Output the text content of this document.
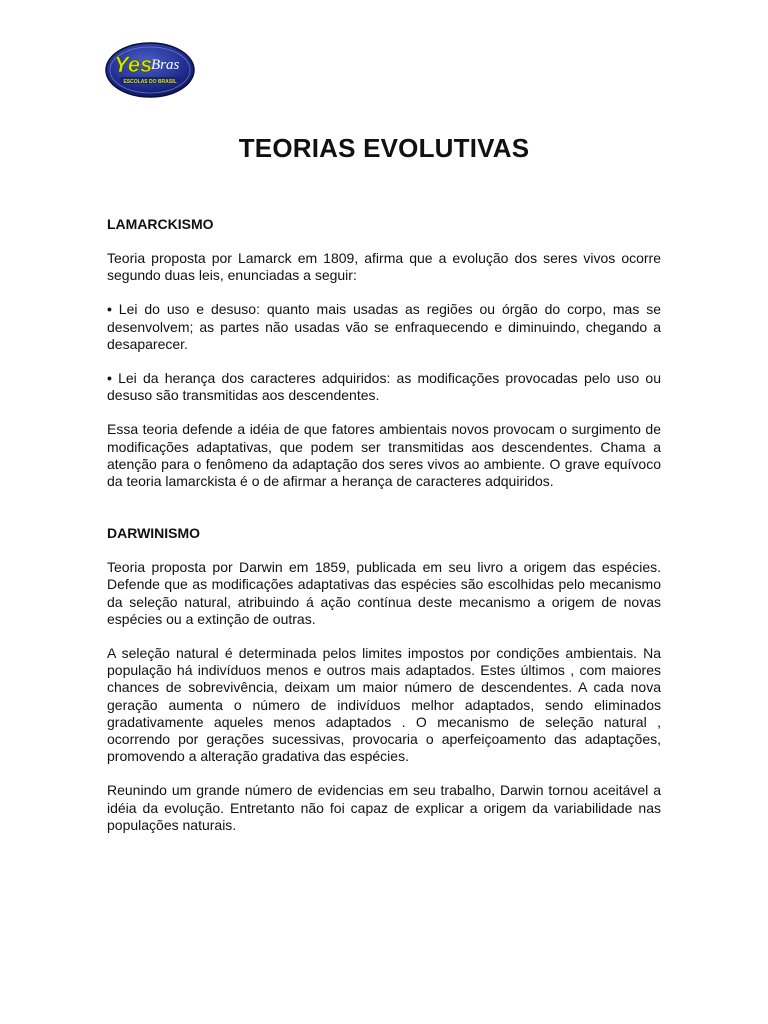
Yes
Bras
ESCOLAS DO BRASIL
TEORIAS EVOLUTIVAS
LAMARCKISMO

Teoria proposta por Lamarck em 1809, afirma que a evolução dos seres vivos ocorre segundo duas leis, enunciadas a seguir:

• Lei do uso e desuso: quanto mais usadas as regiões ou órgão do corpo, mas se desenvolvem; as partes não usadas vão se enfraquecendo e diminuindo, chegando a desaparecer.

• Lei da herança dos caracteres adquiridos: as modificações provocadas pelo uso ou desuso são transmitidas aos descendentes.

Essa teoria defende a idéia de que fatores ambientais novos provocam o surgimento de modificações adaptativas, que podem ser transmitidas aos descendentes. Chama a atenção para o fenômeno da adaptação dos seres vivos ao ambiente. O grave equívoco da teoria lamarckista é o de afirmar a herança de caracteres adquiridos.

DARWINISMO

Teoria proposta por Darwin em 1859, publicada em seu livro a origem das espécies. Defende que as modificações adaptativas das espécies são escolhidas pelo mecanismo da seleção natural, atribuindo á ação contínua deste mecanismo a origem de novas espécies ou a extinção de outras.

A seleção natural é determinada pelos limites impostos por condições ambientais. Na população há indivíduos menos e outros mais adaptados. Estes últimos , com maiores chances de sobrevivência, deixam um maior número de descendentes. A cada nova geração aumenta o número de indivíduos melhor adaptados, sendo eliminados gradativamente aqueles menos adaptados . O mecanismo de seleção natural , ocorrendo por gerações sucessivas, provocaria o aperfeiçoamento das adaptações, promovendo a alteração gradativa das espécies.

Reunindo um grande número de evidencias em seu trabalho, Darwin tornou aceitável a idéia da evolução. Entretanto não foi capaz de explicar a origem da variabilidade nas populações naturais.
